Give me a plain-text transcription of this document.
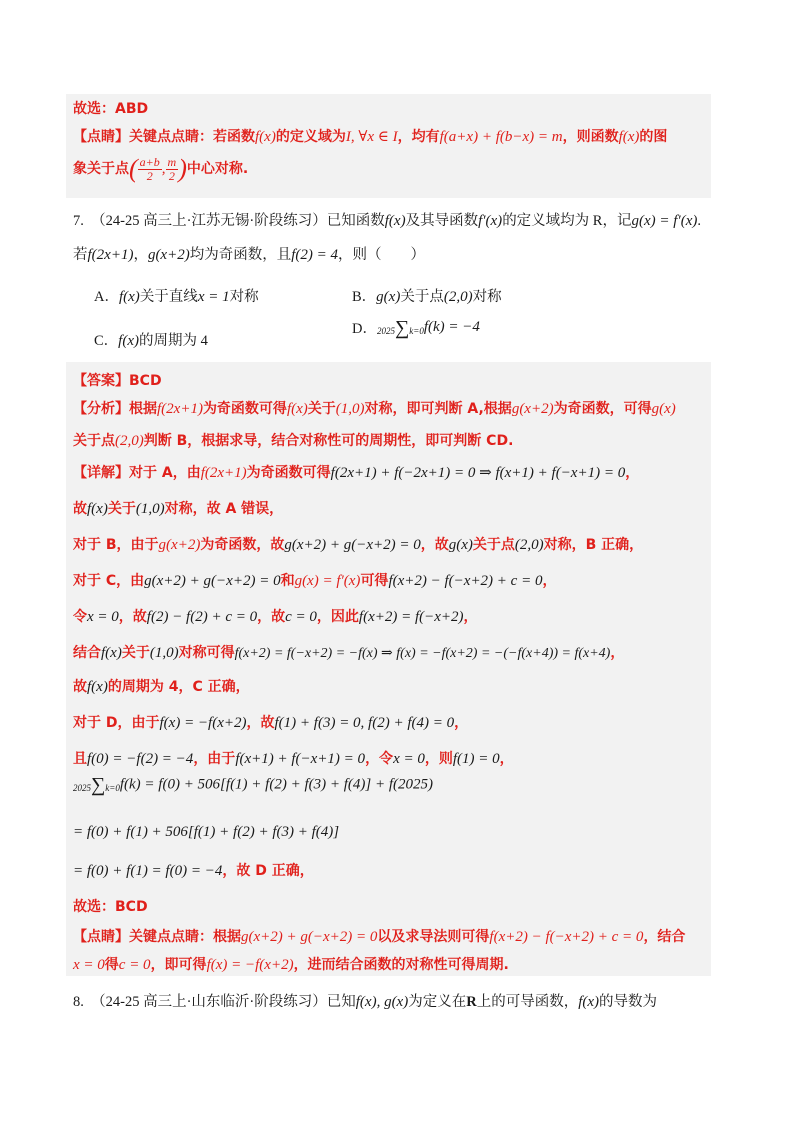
故选：ABD
【点睛】关键点点睛：若函数f(x)的定义域为I, ∀x ∈ I，均有f(a+x) + f(b−x) = m，则函数f(x)的图
象关于点( $\frac{a+b}{2}$ , $\frac{m}{2}$ )中心对称.
7.　 （24-25 高三上·江苏无锡·阶段练习）已知函数f(x)及其导函数f′(x)的定义域均为 R，记g(x) = f′(x).
若f(2x+1)，g(x+2)均为奇函数，且f(2) = 4，则（　　）
A．f(x)关于直线x = 1对称	B．g(x)关于点(2,0)对称
C．f(x)的周期为 4
D．2025∑k=0f(k) = −4
【答案】BCD
【分析】根据f(2x+1)为奇函数可得f(x)关于(1,0)对称，即可判断 A,根据g(x+2)为奇函数，可得g(x)
关于点(2,0)判断 B，根据求导，结合对称性可的周期性，即可判断 CD.
【详解】对于 A，由f(2x+1)为奇函数可得f(2x+1) + f(−2x+1) = 0 ⇒ f(x+1) + f(−x+1) = 0，
故f(x)关于(1,0)对称，故 A 错误，
对于 B，由于g(x+2)为奇函数，故g(x+2) + g(−x+2) = 0，故g(x)关于点(2,0)对称，B 正确，
对于 C，由g(x+2) + g(−x+2) = 0和g(x) = f′(x)可得f(x+2) − f(−x+2) + c = 0，
令x = 0，故f(2) − f(2) + c = 0，故c = 0，因此f(x+2) = f(−x+2)，
结合f(x)关于(1,0)对称可得f(x+2) = f(−x+2) = −f(x) ⇒ f(x) = −f(x+2) = −(−f(x+4)) = f(x+4)，
故f(x)的周期为 4，C 正确，
对于 D，由于f(x) = −f(x+2)，故f(1) + f(3) = 0, f(2) + f(4) = 0，
且f(0) = −f(2) = −4，由于f(x+1) + f(−x+1) = 0，令x = 0，则f(1) = 0，
2025∑k=0f(k) = f(0) + 506[f(1) + f(2) + f(3) + f(4)] + f(2025)
= f(0) + f(1) + 506[f(1) + f(2) + f(3) + f(4)]
= f(0) + f(1) = f(0) = −4，故 D 正确，
故选：BCD
【点睛】关键点点睛：根据g(x+2) + g(−x+2) = 0以及求导法则可得f(x+2) − f(−x+2) + c = 0，结合
x = 0得c = 0，即可得f(x) = −f(x+2)，进而结合函数的对称性可得周期.
8.　 （24-25 高三上·山东临沂·阶段练习）已知f(x), g(x)为定义在R上的可导函数，f(x)的导数为
